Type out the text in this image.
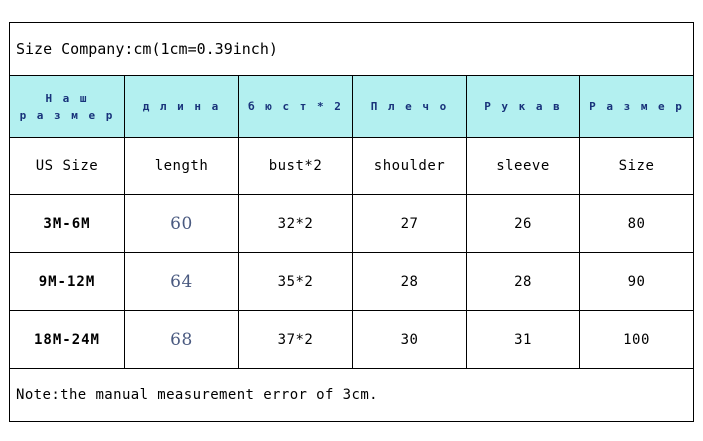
Size Company:cm(1cm=0.39inch)					

Н а ш
р а з м е р	д л и н а	б ю с т * 2	П л е ч о	Р у к а в	Р а з м е р
US Size	length	bust*2	shoulder	sleeve	Size
3M-6M	60	32*2	27	26	80
9M-12M	64	35*2	28	28	90
18M-24M	68	37*2	30	31	100
Note:the manual measurement error of 3cm.					
